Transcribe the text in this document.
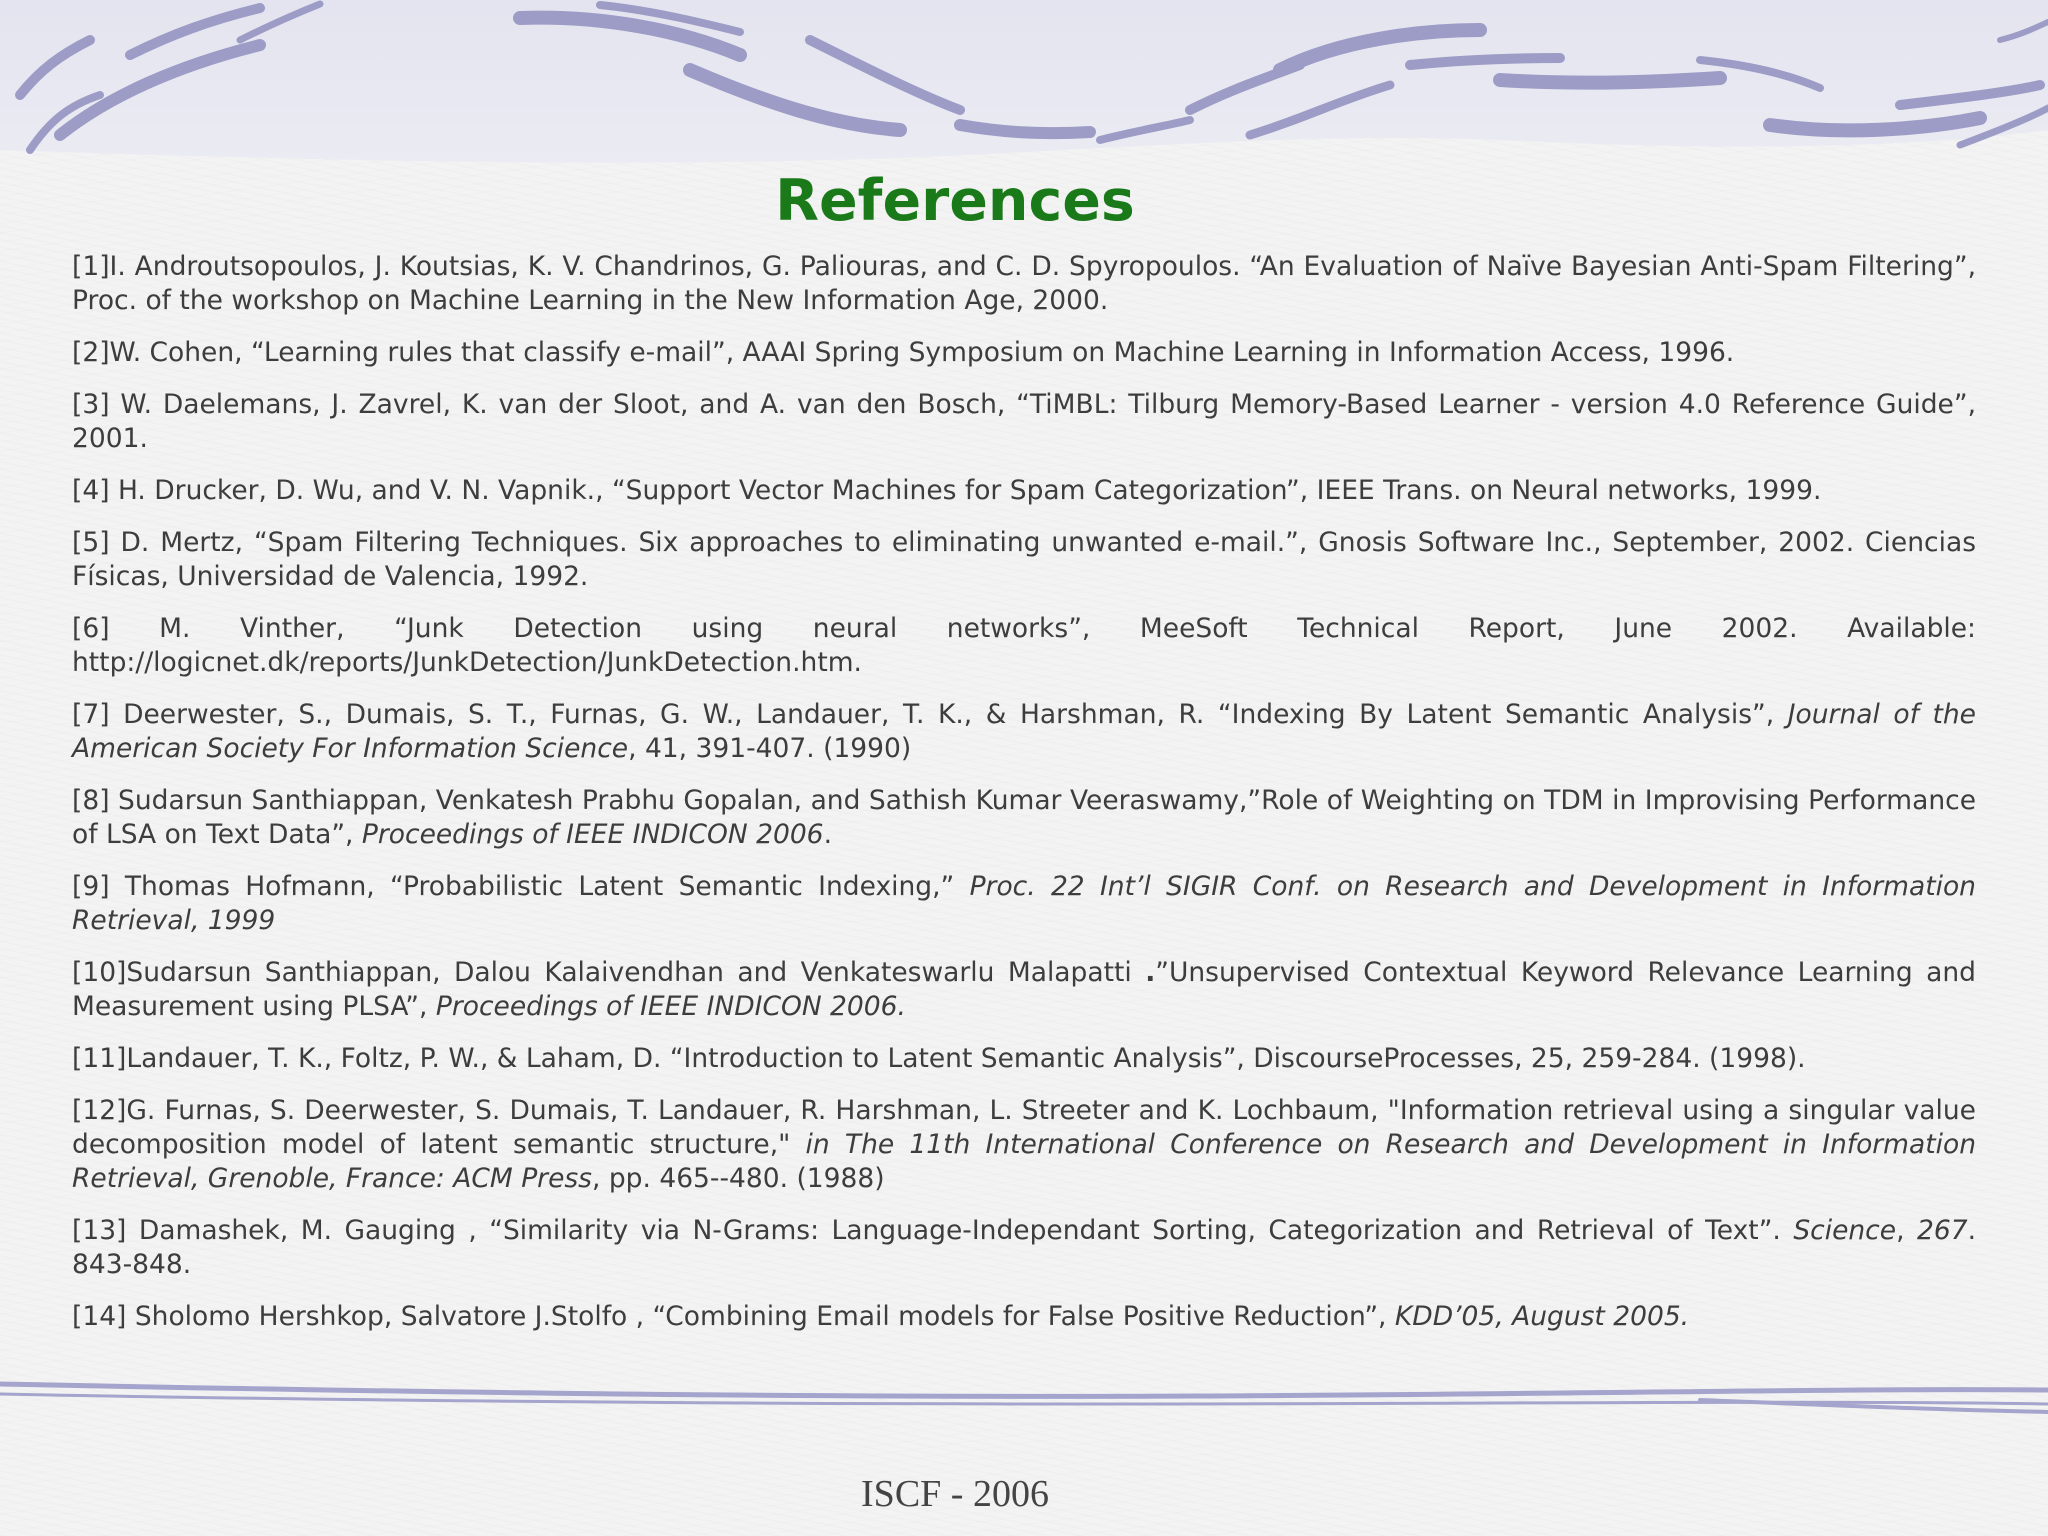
References

[1]I. Androutsopoulos, J. Koutsias, K. V. Chandrinos, G. Paliouras, and C. D. Spyropoulos. “An Evaluation of Naïve Bayesian Anti-Spam Filtering”, Proc. of the workshop on Machine Learning in the New Information Age, 2000.

[2]W. Cohen, “Learning rules that classify e-mail”, AAAI Spring Symposium on Machine Learning in Information Access, 1996.

[3] W. Daelemans, J. Zavrel, K. van der Sloot, and A. van den Bosch, “TiMBL: Tilburg Memory-Based Learner - version 4.0 Reference Guide”, 2001.

[4] H. Drucker, D. Wu, and V. N. Vapnik., “Support Vector Machines for Spam Categorization”, IEEE Trans. on Neural networks, 1999.

[5] D. Mertz, “Spam Filtering Techniques. Six approaches to eliminating unwanted e-mail.”, Gnosis Software Inc., September, 2002. Ciencias Físicas, Universidad de Valencia, 1992.

[6] M. Vinther, “Junk Detection using neural networks”, MeeSoft Technical Report, June 2002. Available: http://logicnet.dk/reports/JunkDetection/JunkDetection.htm.

[7] Deerwester, S., Dumais, S. T., Furnas, G. W., Landauer, T. K., & Harshman, R. “Indexing By Latent Semantic Analysis”, Journal of the American Society For Information Science, 41, 391-407. (1990)

[8] Sudarsun Santhiappan, Venkatesh Prabhu Gopalan, and Sathish Kumar Veeraswamy,”Role of Weighting on TDM in Improvising Performance of LSA on Text Data”, Proceedings of IEEE INDICON 2006.

[9] Thomas Hofmann, “Probabilistic Latent Semantic Indexing,” Proc. 22 Int’l SIGIR Conf. on Research and Development in Information Retrieval, 1999

[10]Sudarsun Santhiappan, Dalou Kalaivendhan and Venkateswarlu Malapatti .”Unsupervised Contextual Keyword Relevance Learning and Measurement using PLSA”, Proceedings of IEEE INDICON 2006.

[11]Landauer, T. K., Foltz, P. W., & Laham, D. “Introduction to Latent Semantic Analysis”, DiscourseProcesses, 25, 259-284. (1998).

[12]G. Furnas, S. Deerwester, S. Dumais, T. Landauer, R. Harshman, L. Streeter and K. Lochbaum, "Information retrieval using a singular value decomposition model of latent semantic structure," in The 11th International Conference on Research and Development in Information Retrieval, Grenoble, France: ACM Press, pp. 465--480. (1988)

[13] Damashek, M. Gauging , “Similarity via N-Grams: Language-Independant Sorting, Categorization and Retrieval of Text”. Science, 267. 843-848.

[14] Sholomo Hershkop, Salvatore J.Stolfo , “Combining Email models for False Positive Reduction”, KDD’05, August 2005.

ISCF - 2006
